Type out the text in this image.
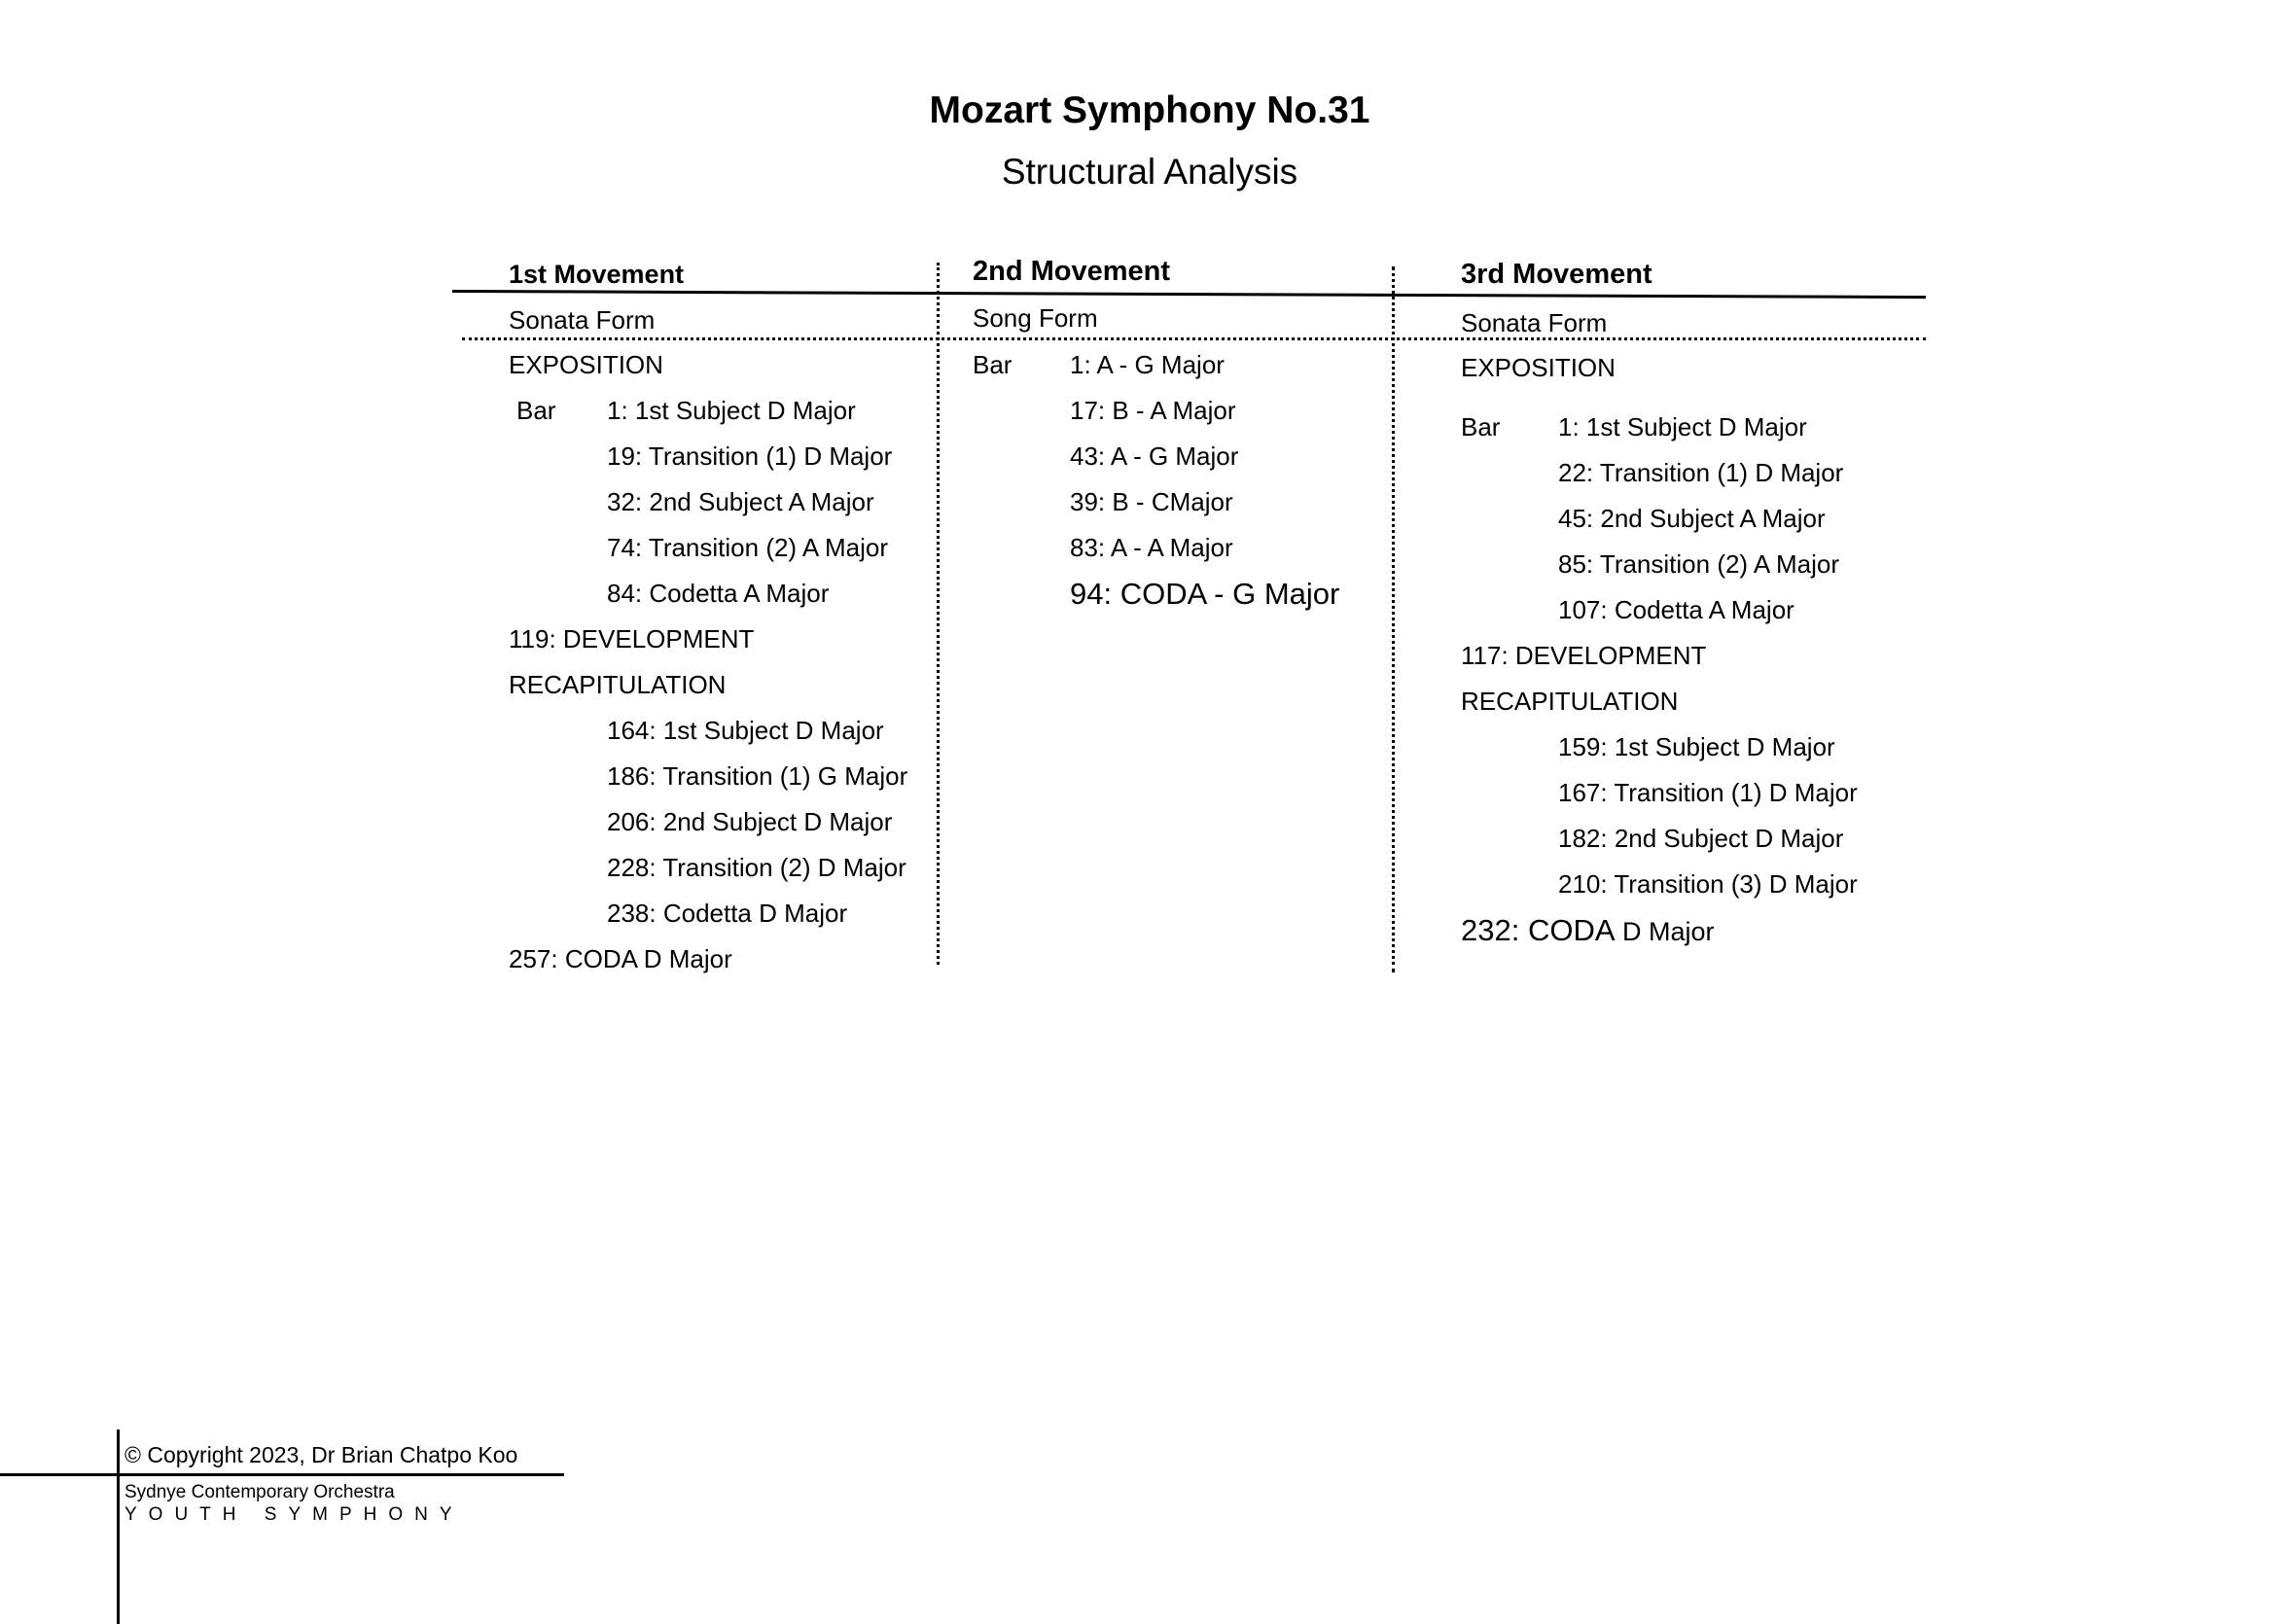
Mozart Symphony No.31
Structural Analysis
1st Movement
Sonata Form
EXPOSITION
Bar 1: 1st Subject D Major
19: Transition (1) D Major
32: 2nd Subject A Major
74: Transition (2) A Major
84: Codetta A Major
119: DEVELOPMENT
RECAPITULATION
164: 1st Subject D Major
186: Transition (1) G Major
206: 2nd Subject D Major
228: Transition (2) D Major
238: Codetta D Major
257: CODA D Major
2nd Movement
Song Form
Bar 1: A - G Major
17: B - A Major
43: A - G Major
39: B - CMajor
83: A - A Major
94: CODA - G Major
3rd Movement
Sonata Form
EXPOSITION
Bar 1: 1st Subject D Major
22: Transition (1) D Major
45: 2nd Subject A Major
85: Transition (2) A Major
107: Codetta A Major
117: DEVELOPMENT
RECAPITULATION
159: 1st Subject D Major
167: Transition (1) D Major
182: 2nd Subject D Major
210: Transition (3) D Major
232: CODA D Major
© Copyright 2023, Dr Brian Chatpo Koo
Sydnye Contemporary Orchestra
YOUTH SYMPHONY
